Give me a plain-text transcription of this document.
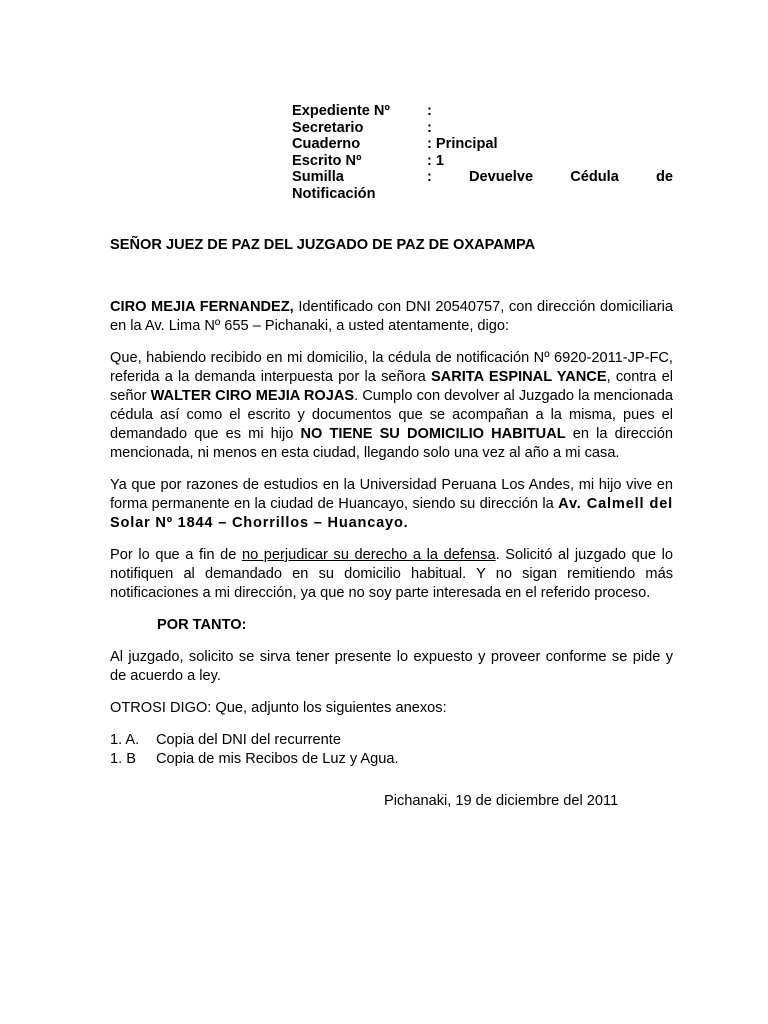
Expediente Nº	:
Secretario	:
Cuaderno	: Principal
Escrito Nº	: 1
Sumilla	:	Devuelve	Cédula	de
Notificación
SEÑOR JUEZ DE PAZ DEL JUZGADO DE PAZ DE OXAPAMPA

CIRO MEJIA FERNANDEZ, Identificado con DNI 20540757, con dirección domiciliaria en la Av. Lima Nº 655 – Pichanaki, a usted atentamente, digo:

Que, habiendo recibido en mi domicilio, la cédula de notificación Nº 6920-2011-JP-FC, referida a la demanda interpuesta por la señora SARITA ESPINAL YANCE, contra el señor WALTER CIRO MEJIA ROJAS. Cumplo con devolver al Juzgado la mencionada cédula así como el escrito y documentos que se acompañan a la misma, pues el demandado que es mi hijo NO TIENE SU DOMICILIO HABITUAL en la dirección mencionada, ni menos en esta ciudad, llegando solo una vez al año a mi casa.

Ya que por razones de estudios en la Universidad Peruana Los Andes, mi hijo vive en forma permanente en la ciudad de Huancayo, siendo su dirección la Av. Calmell del Solar Nº 1844 – Chorrillos – Huancayo.

Por lo que a fin de no perjudicar su derecho a la defensa. Solicitó al juzgado que lo notifiquen al demandado en su domicilio habitual. Y no sigan remitiendo más notificaciones a mi dirección, ya que no soy parte interesada en el referido proceso.

POR TANTO:

Al juzgado, solicito se sirva tener presente lo expuesto y proveer conforme se pide y de acuerdo a ley.

OTROSI DIGO: Que, adjunto los siguientes anexos:

1. A.	Copia del DNI del recurrente
1. B	Copia de mis Recibos de Luz y Agua.
Pichanaki, 19 de diciembre del 2011
